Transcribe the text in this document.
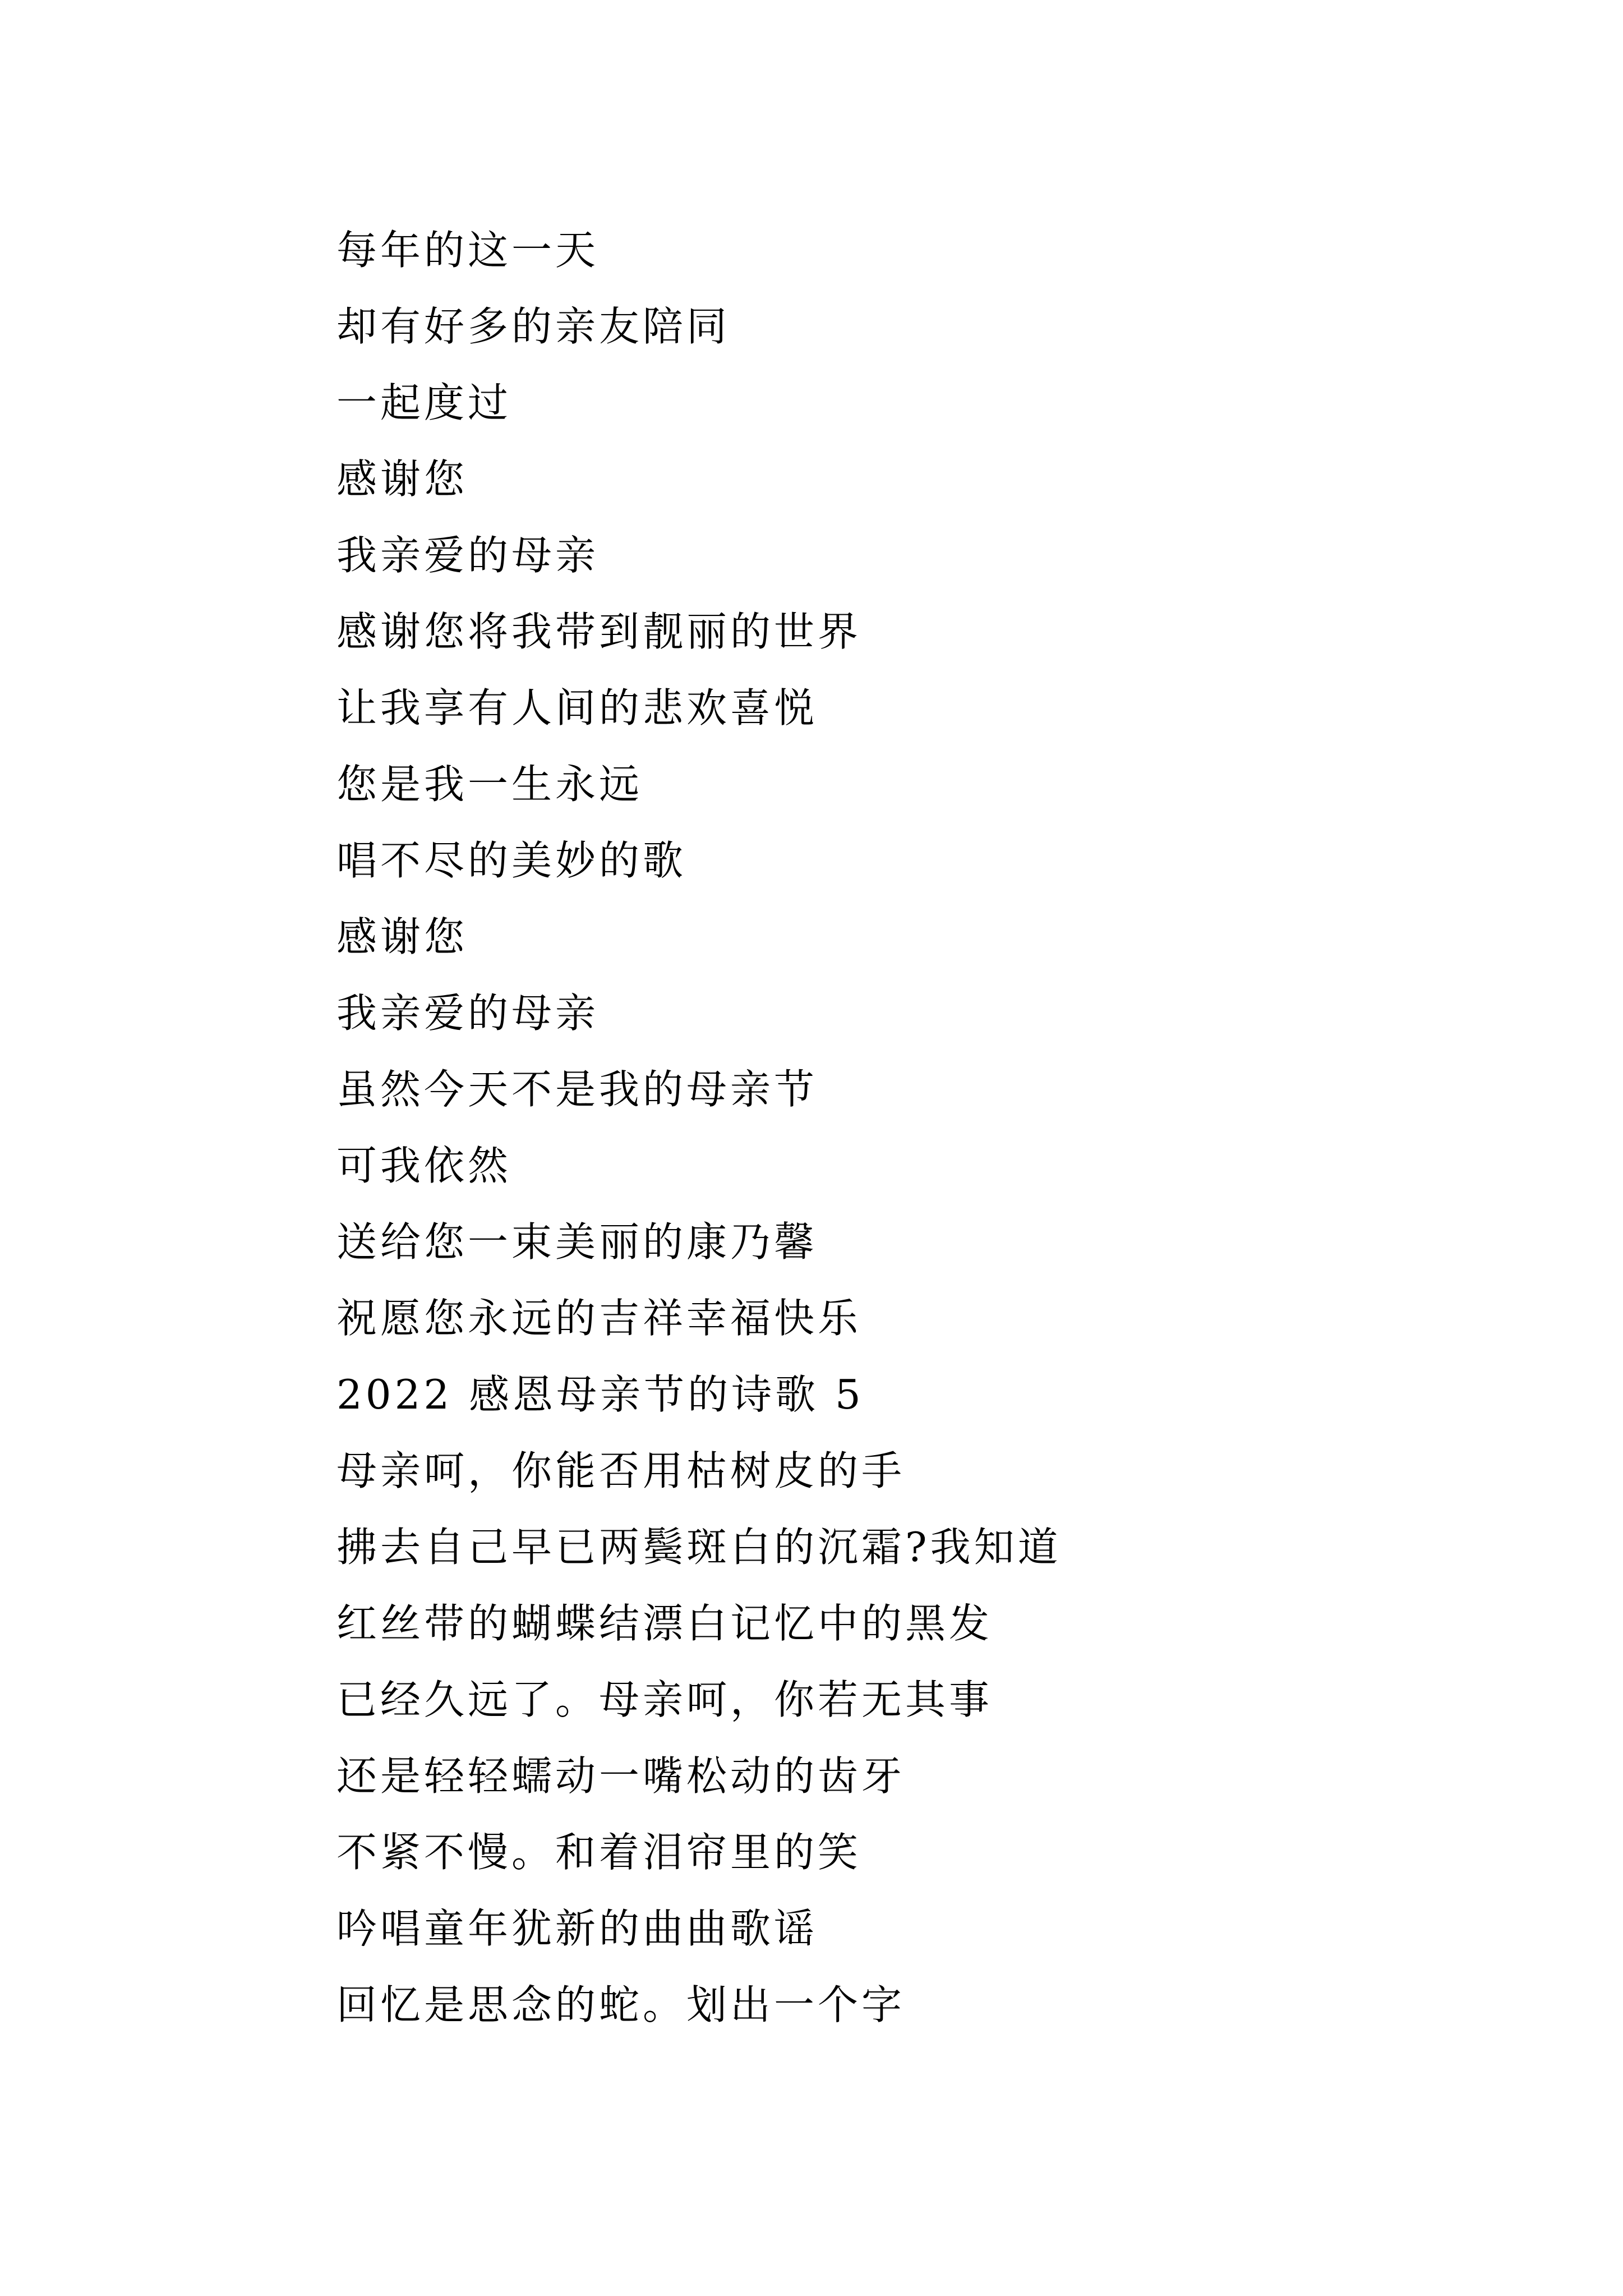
每年的这一天
却有好多的亲友陪同
一起度过
感谢您
我亲爱的母亲
感谢您将我带到靓丽的世界
让我享有人间的悲欢喜悦
您是我一生永远
唱不尽的美妙的歌
感谢您
我亲爱的母亲
虽然今天不是我的母亲节
可我依然
送给您一束美丽的康乃馨
祝愿您永远的吉祥幸福快乐
2022 感恩母亲节的诗歌 5
母亲呵，你能否用枯树皮的手
拂去自己早已两鬓斑白的沉霜?我知道
红丝带的蝴蝶结漂白记忆中的黑发
已经久远了。母亲呵，你若无其事
还是轻轻蠕动一嘴松动的齿牙
不紧不慢。和着泪帘里的笑
吟唱童年犹新的曲曲歌谣
回忆是思念的蛇。划出一个字
